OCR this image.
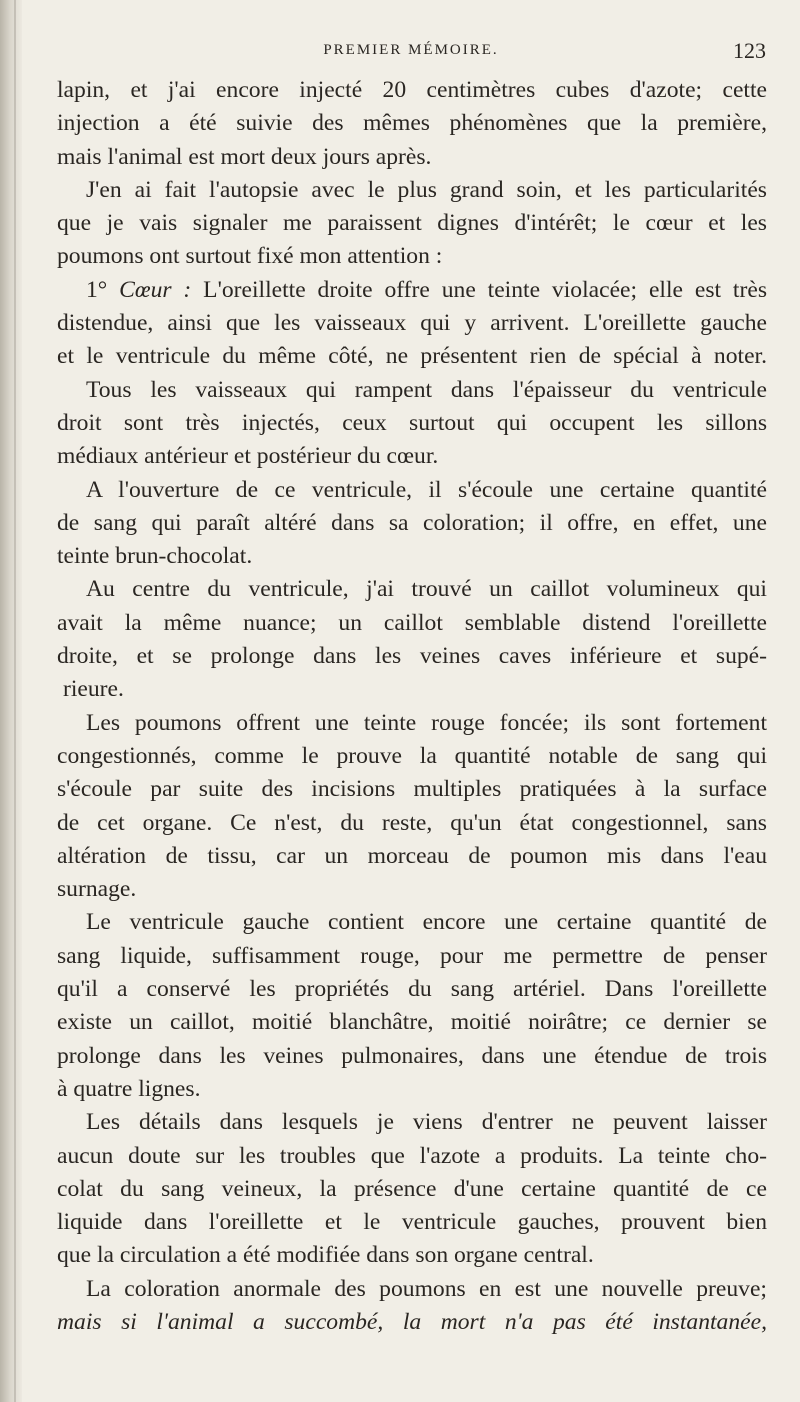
PREMIER MÉMOIRE.	123
lapin, et j'ai encore injecté 20 centimètres cubes d'azote; cette
injection a été suivie des mêmes phénomènes que la première,
mais l'animal est mort deux jours après.
J'en ai fait l'autopsie avec le plus grand soin, et les particularités
que je vais signaler me paraissent dignes d'intérêt; le cœur et les
poumons ont surtout fixé mon attention :
1° Cœur : L'oreillette droite offre une teinte violacée; elle est très
distendue, ainsi que les vaisseaux qui y arrivent. L'oreillette gauche
et le ventricule du même côté, ne présentent rien de spécial à noter.
Tous les vaisseaux qui rampent dans l'épaisseur du ventricule
droit sont très injectés, ceux surtout qui occupent les sillons
médiaux antérieur et postérieur du cœur.
A l'ouverture de ce ventricule, il s'écoule une certaine quantité
de sang qui paraît altéré dans sa coloration; il offre, en effet, une
teinte brun-chocolat.
Au centre du ventricule, j'ai trouvé un caillot volumineux qui
avait la même nuance; un caillot semblable distend l'oreillette
droite, et se prolonge dans les veines caves inférieure et supé-
rieure.
Les poumons offrent une teinte rouge foncée; ils sont fortement
congestionnés, comme le prouve la quantité notable de sang qui
s'écoule par suite des incisions multiples pratiquées à la surface
de cet organe. Ce n'est, du reste, qu'un état congestionnel, sans
altération de tissu, car un morceau de poumon mis dans l'eau
surnage.
Le ventricule gauche contient encore une certaine quantité de
sang liquide, suffisamment rouge, pour me permettre de penser
qu'il a conservé les propriétés du sang artériel. Dans l'oreillette
existe un caillot, moitié blanchâtre, moitié noirâtre; ce dernier se
prolonge dans les veines pulmonaires, dans une étendue de trois
à quatre lignes.
Les détails dans lesquels je viens d'entrer ne peuvent laisser
aucun doute sur les troubles que l'azote a produits. La teinte cho-
colat du sang veineux, la présence d'une certaine quantité de ce
liquide dans l'oreillette et le ventricule gauches, prouvent bien
que la circulation a été modifiée dans son organe central.
La coloration anormale des poumons en est une nouvelle preuve;
mais si l'animal a succombé, la mort n'a pas été instantanée,
